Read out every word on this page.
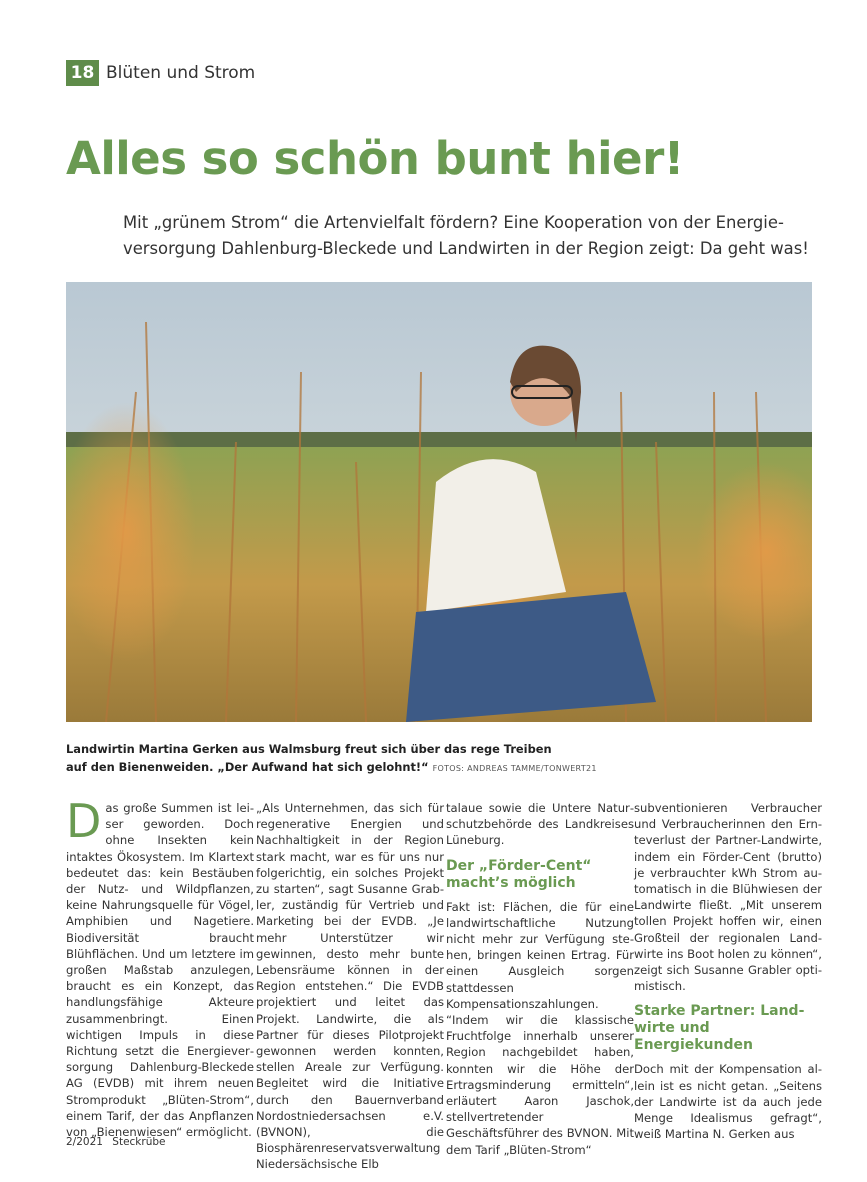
18 Blüten und Strom
Alles so schön bunt hier!

Mit „grünem Strom“ die Artenvielfalt fördern? Eine Kooperation von der Energieversorgung Dahlenburg-Bleckede und Landwirten in der Region zeigt: Da geht was!

Landwirtin Martina Gerken aus Walmsburg freut sich über das rege Treiben
auf den Bienenweiden. „Der Aufwand hat sich gelohnt!“ FOTOS: ANDREAS TAMME/TONWERT21
D as große Summen ist leiser geworden. Doch ohne Insekten kein intaktes Ökosystem. Im Klartext bedeutet das: kein Bestäuben der Nutz- und Wildpflanzen, keine Nahrungsquelle für Vögel, Amphibien und Nagetiere. Biodiversität braucht Blühflächen. Und um letztere im großen Maßstab anzulegen, braucht es ein Konzept, das handlungsfähige Akteure zusammenbringt. Einen wichtigen Impuls in diese Richtung setzt die Energieversorgung Dahlenburg-Bleckede AG (EVDB) mit ihrem neuen Stromprodukt „Blüten-Strom“, einem Tarif, der das Anpflanzen von „Bienenwiesen“ ermöglicht.

„Als Unternehmen, das sich für regenerative Energien und Nachhaltigkeit in der Region stark macht, war es für uns nur folgerichtig, ein solches Projekt zu starten“, sagt Susanne Grabler, zuständig für Vertrieb und Marketing bei der EVDB. „Je mehr Unterstützer wir gewinnen, desto mehr bunte Lebensräume können in der Region entstehen.“ Die EVDB projektiert und leitet das Projekt. Landwirte, die als Partner für dieses Pilotprojekt gewonnen werden konnten, stellen Areale zur Verfügung. Begleitet wird die Initiative durch den Bauernverband Nordostniedersachsen e.V. (BVNON), die Biosphärenreservatsverwaltung Niedersächsische Elb

talaue sowie die Untere Naturschutzbehörde des Landkreises Lüneburg.

Der „Förder-Cent“ macht’s möglich

Fakt ist: Flächen, die für eine landwirtschaftliche Nutzung nicht mehr zur Verfügung stehen, bringen keinen Ertrag. Für einen Ausgleich sorgen stattdessen Kompensationszahlungen. “Indem wir die klassische Fruchtfolge innerhalb unserer Region nachgebildet haben, konnten wir die Höhe der Ertragsminderung ermitteln“, erläutert Aaron Jaschok, stellvertretender Geschäftsführer des BVNON. Mit dem Tarif „Blüten-Strom“

subventionieren Verbraucher und Verbraucherinnen den Ernteverlust der Partner-Landwirte, indem ein Förder-Cent (brutto) je verbrauchter kWh Strom automatisch in die Blühwiesen der Landwirte fließt. „Mit unserem tollen Projekt hoffen wir, einen Großteil der regionalen Landwirte ins Boot holen zu können“, zeigt sich Susanne Grabler optimistisch.

Starke Partner: Landwirte und Energiekunden

Doch mit der Kompensation allein ist es nicht getan. „Seitens der Landwirte ist da auch jede Menge Idealismus gefragt“, weiß Martina N. Gerken aus

2/2021 Steckrübe
